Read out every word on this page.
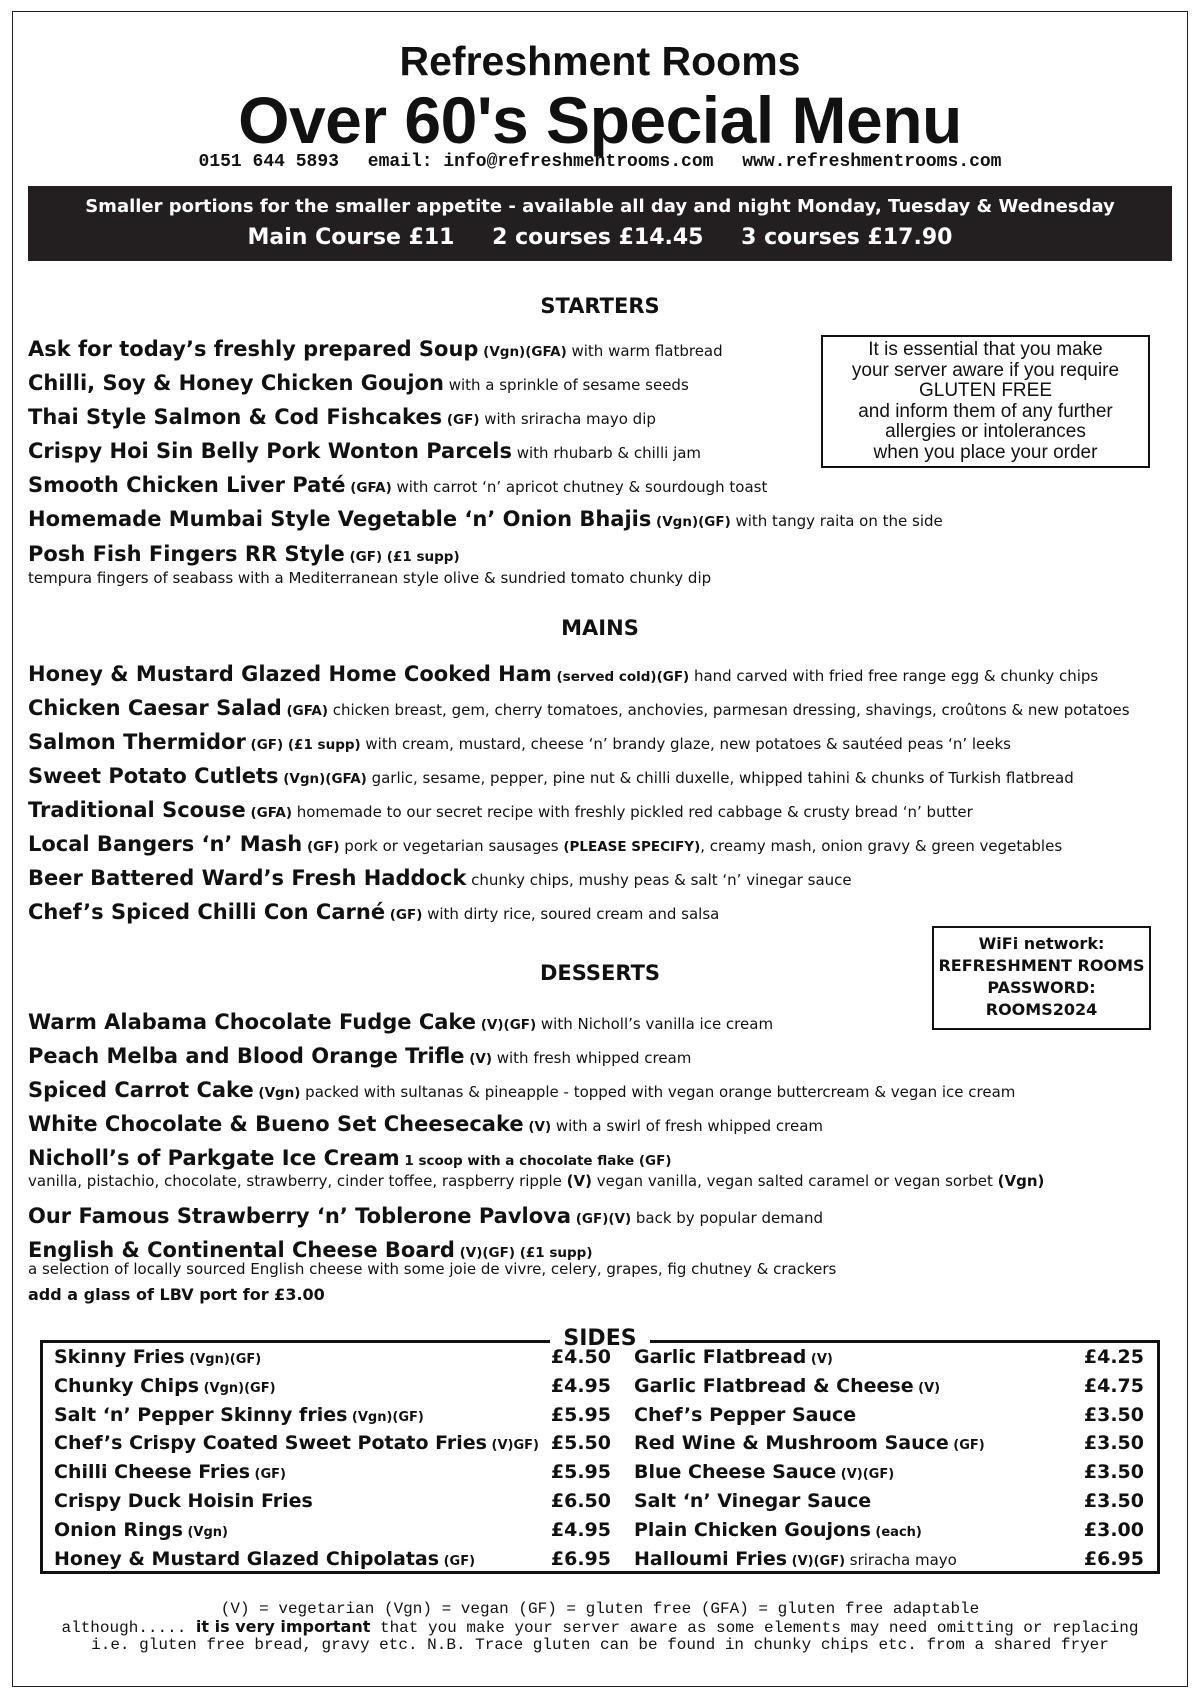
Refreshment Rooms
Over 60's Special Menu
0151 644 5893 email: info@refreshmentrooms.com www.refreshmentrooms.com
Smaller portions for the smaller appetite - available all day and night Monday, Tuesday & Wednesday
Main Course £11 2 courses £14.45 3 courses £17.90
STARTERS
Ask for today’s freshly prepared Soup (Vgn)(GFA) with warm flatbread
Chilli, Soy & Honey Chicken Goujon with a sprinkle of sesame seeds
Thai Style Salmon & Cod Fishcakes (GF) with sriracha mayo dip
Crispy Hoi Sin Belly Pork Wonton Parcels with rhubarb & chilli jam
Smooth Chicken Liver Paté (GFA) with carrot ‘n’ apricot chutney & sourdough toast
Homemade Mumbai Style Vegetable ‘n’ Onion Bhajis (Vgn)(GF) with tangy raita on the side
Posh Fish Fingers RR Style (GF) (£1 supp)
tempura fingers of seabass with a Mediterranean style olive & sundried tomato chunky dip
It is essential that you make
your server aware if you require
GLUTEN FREE
and inform them of any further
allergies or intolerances
when you place your order
MAINS
Honey & Mustard Glazed Home Cooked Ham (served cold)(GF) hand carved with fried free range egg & chunky chips
Chicken Caesar Salad (GFA) chicken breast, gem, cherry tomatoes, anchovies, parmesan dressing, shavings, croûtons & new potatoes
Salmon Thermidor (GF) (£1 supp) with cream, mustard, cheese ‘n’ brandy glaze, new potatoes & sautéed peas ‘n’ leeks
Sweet Potato Cutlets (Vgn)(GFA) garlic, sesame, pepper, pine nut & chilli duxelle, whipped tahini & chunks of Turkish flatbread
Traditional Scouse (GFA) homemade to our secret recipe with freshly pickled red cabbage & crusty bread ‘n’ butter
Local Bangers ‘n’ Mash (GF) pork or vegetarian sausages (PLEASE SPECIFY), creamy mash, onion gravy & green vegetables
Beer Battered Ward’s Fresh Haddock chunky chips, mushy peas & salt ‘n’ vinegar sauce
Chef’s Spiced Chilli Con Carné (GF) with dirty rice, soured cream and salsa
WiFi network:
REFRESHMENT ROOMS
PASSWORD:
ROOMS2024
DESSERTS
Warm Alabama Chocolate Fudge Cake (V)(GF) with Nicholl’s vanilla ice cream
Peach Melba and Blood Orange Trifle (V) with fresh whipped cream
Spiced Carrot Cake (Vgn) packed with sultanas & pineapple - topped with vegan orange buttercream & vegan ice cream
White Chocolate & Bueno Set Cheesecake (V) with a swirl of fresh whipped cream
Nicholl’s of Parkgate Ice Cream 1 scoop with a chocolate flake (GF)
Our Famous Strawberry ‘n’ Toblerone Pavlova (GF)(V) back by popular demand
English & Continental Cheese Board (V)(GF) (£1 supp)
vanilla, pistachio, chocolate, strawberry, cinder toffee, raspberry ripple (V) vegan vanilla, vegan salted caramel or vegan sorbet (Vgn)
a selection of locally sourced English cheese with some joie de vivre, celery, grapes, fig chutney & crackers
add a glass of LBV port for £3.00
SIDES
Skinny Fries (Vgn)(GF)	£4.50
Chunky Chips (Vgn)(GF)	£4.95
Salt ‘n’ Pepper Skinny fries (Vgn)(GF)	£5.95
Chef’s Crispy Coated Sweet Potato Fries (V)GF) £5.50
Chilli Cheese Fries (GF)	£5.95
Crispy Duck Hoisin Fries	£6.50
Onion Rings (Vgn)	£4.95
Honey & Mustard Glazed Chipolatas (GF)	£6.95
Garlic Flatbread (V)	£4.25
Garlic Flatbread & Cheese (V)	£4.75
Chef’s Pepper Sauce	£3.50
Red Wine & Mushroom Sauce (GF)	£3.50
Blue Cheese Sauce (V)(GF)	£3.50
Salt ‘n’ Vinegar Sauce	£3.50
Plain Chicken Goujons (each)	£3.00
Halloumi Fries (V)(GF) sriracha mayo	£6.95
(V) = vegetarian (Vgn) = vegan (GF) = gluten free (GFA) = gluten free adaptable
although..... it is very important that you make your server aware as some elements may need omitting or replacing
i.e. gluten free bread, gravy etc. N.B. Trace gluten can be found in chunky chips etc. from a shared fryer
